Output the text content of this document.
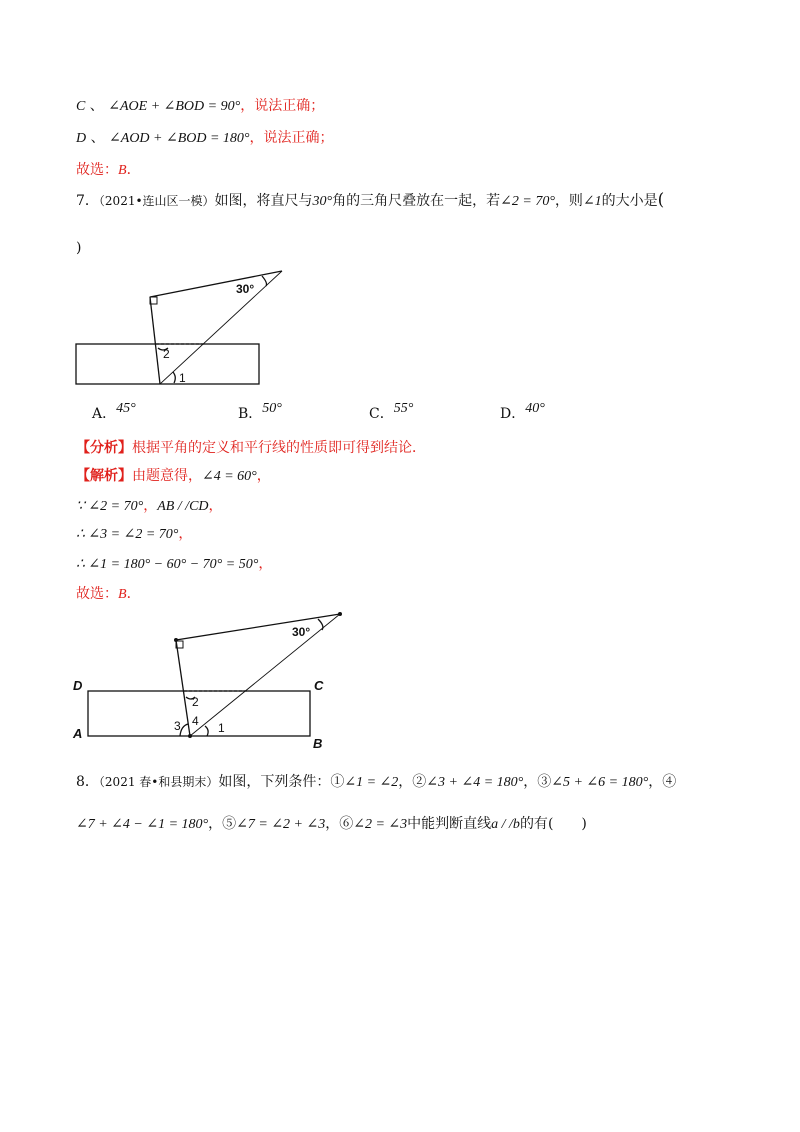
C 、 ∠AOE + ∠BOD = 90°，说法正确；
D 、 ∠AOD + ∠BOD = 180°，说法正确；
故选：B．
7．（2021•连山区一模）如图，将直尺与30°角的三角尺叠放在一起，若∠2 = 70°，则∠1的大小是(
)
30°
2
1
30°
D	C
A
B
2
3 4 1
A．45°	B．50°	C．55°	D．40°
【分析】根据平角的定义和平行线的性质即可得到结论．
【解析】由题意得，∠4 = 60°，
∵ ∠2 = 70°，AB / /CD，
∴ ∠3 = ∠2 = 70°，
∴ ∠1 = 180° − 60° − 70° = 50°，
故选：B．
8．（2021 春•和县期末）如图，下列条件：①∠1 = ∠2，②∠3 + ∠4 = 180°，③∠5 + ∠6 = 180°，④
∠7 + ∠4 − ∠1 = 180°，⑤∠7 = ∠2 + ∠3，⑥∠2 = ∠3中能判断直线a / /b的有(　　)
